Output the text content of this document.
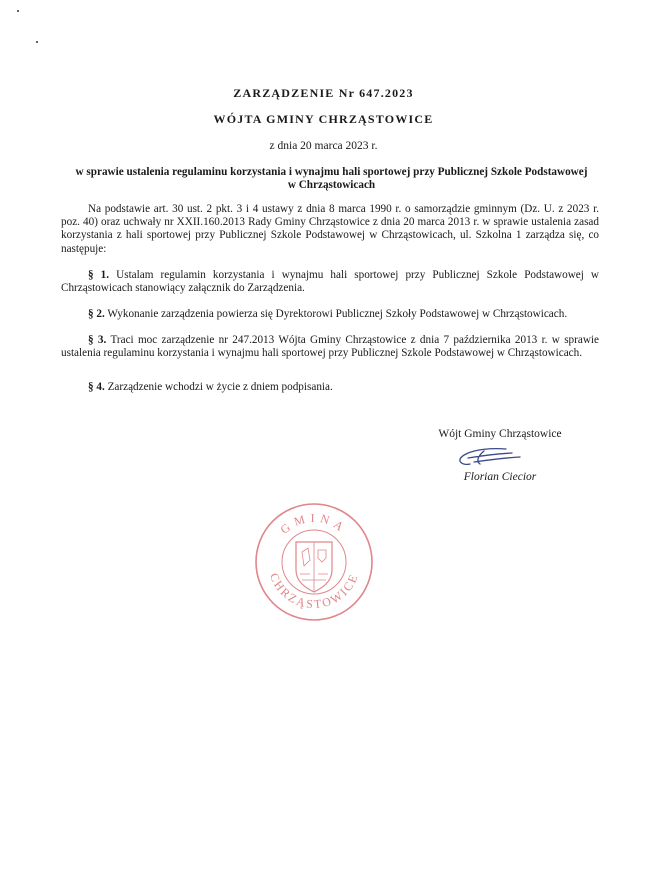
ZARZĄDZENIE Nr 647.2023
WÓJTA GMINY CHRZĄSTOWICE
z dnia 20 marca 2023 r.
w sprawie ustalenia regulaminu korzystania i wynajmu hali sportowej przy Publicznej Szkole Podstawowej
w Chrząstowicach
Na podstawie art. 30 ust. 2 pkt. 3 i 4 ustawy z dnia 8 marca 1990 r. o samorządzie gminnym (Dz. U. z 2023 r. poz. 40) oraz uchwały nr XXII.160.2013 Rady Gminy Chrząstowice z dnia 20 marca 2013 r. w sprawie ustalenia zasad korzystania z hali sportowej przy Publicznej Szkole Podstawowej w Chrząstowicach, ul. Szkolna 1 zarządza się, co następuje:
§ 1. Ustalam regulamin korzystania i wynajmu hali sportowej przy Publicznej Szkole Podstawowej w Chrząstowicach stanowiący załącznik do Zarządzenia.
§ 2. Wykonanie zarządzenia powierza się Dyrektorowi Publicznej Szkoły Podstawowej w Chrząstowicach.
§ 3. Traci moc zarządzenie nr 247.2013 Wójta Gminy Chrząstowice z dnia 7 października 2013 r. w sprawie ustalenia regulaminu korzystania i wynajmu hali sportowej przy Publicznej Szkole Podstawowej w Chrząstowicach.
§ 4. Zarządzenie wchodzi w życie z dniem podpisania.
Wójt Gminy Chrząstowice
Florian Ciecior
GMINA
CHRZĄSTOWICE
